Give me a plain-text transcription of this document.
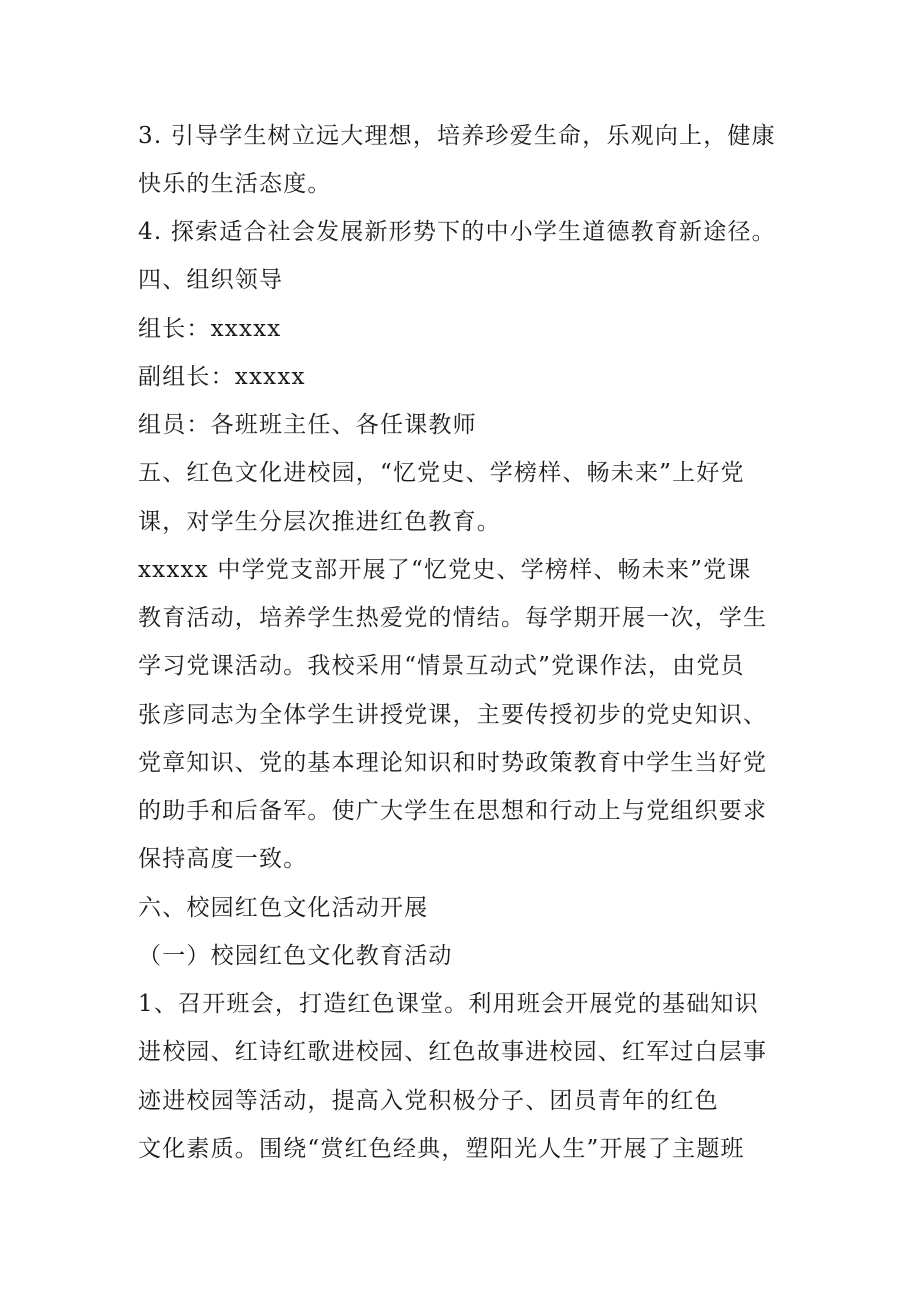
3. 引导学生树立远大理想，培养珍爱生命，乐观向上，健康
快乐的生活态度。
4. 探索适合社会发展新形势下的中小学生道德教育新途径。
四、组织领导
组长：xxxxx
副组长：xxxxx
组员：各班班主任、各任课教师
五、红色文化进校园，“忆党史、学榜样、畅未来”上好党
课，对学生分层次推进红色教育。
xxxxx 中学党支部开展了“忆党史、学榜样、畅未来”党课
教育活动，培养学生热爱党的情结。每学期开展一次，学生
学习党课活动。我校采用“情景互动式”党课作法，由党员
张彦同志为全体学生讲授党课，主要传授初步的党史知识、
党章知识、党的基本理论知识和时势政策教育中学生当好党
的助手和后备军。使广大学生在思想和行动上与党组织要求
保持高度一致。
六、校园红色文化活动开展
（一）校园红色文化教育活动
1、召开班会，打造红色课堂。利用班会开展党的基础知识
进校园、红诗红歌进校园、红色故事进校园、红军过白层事
迹进校园等活动，提高入党积极分子、团员青年的红色
文化素质。围绕“赏红色经典，塑阳光人生”开展了主题班
